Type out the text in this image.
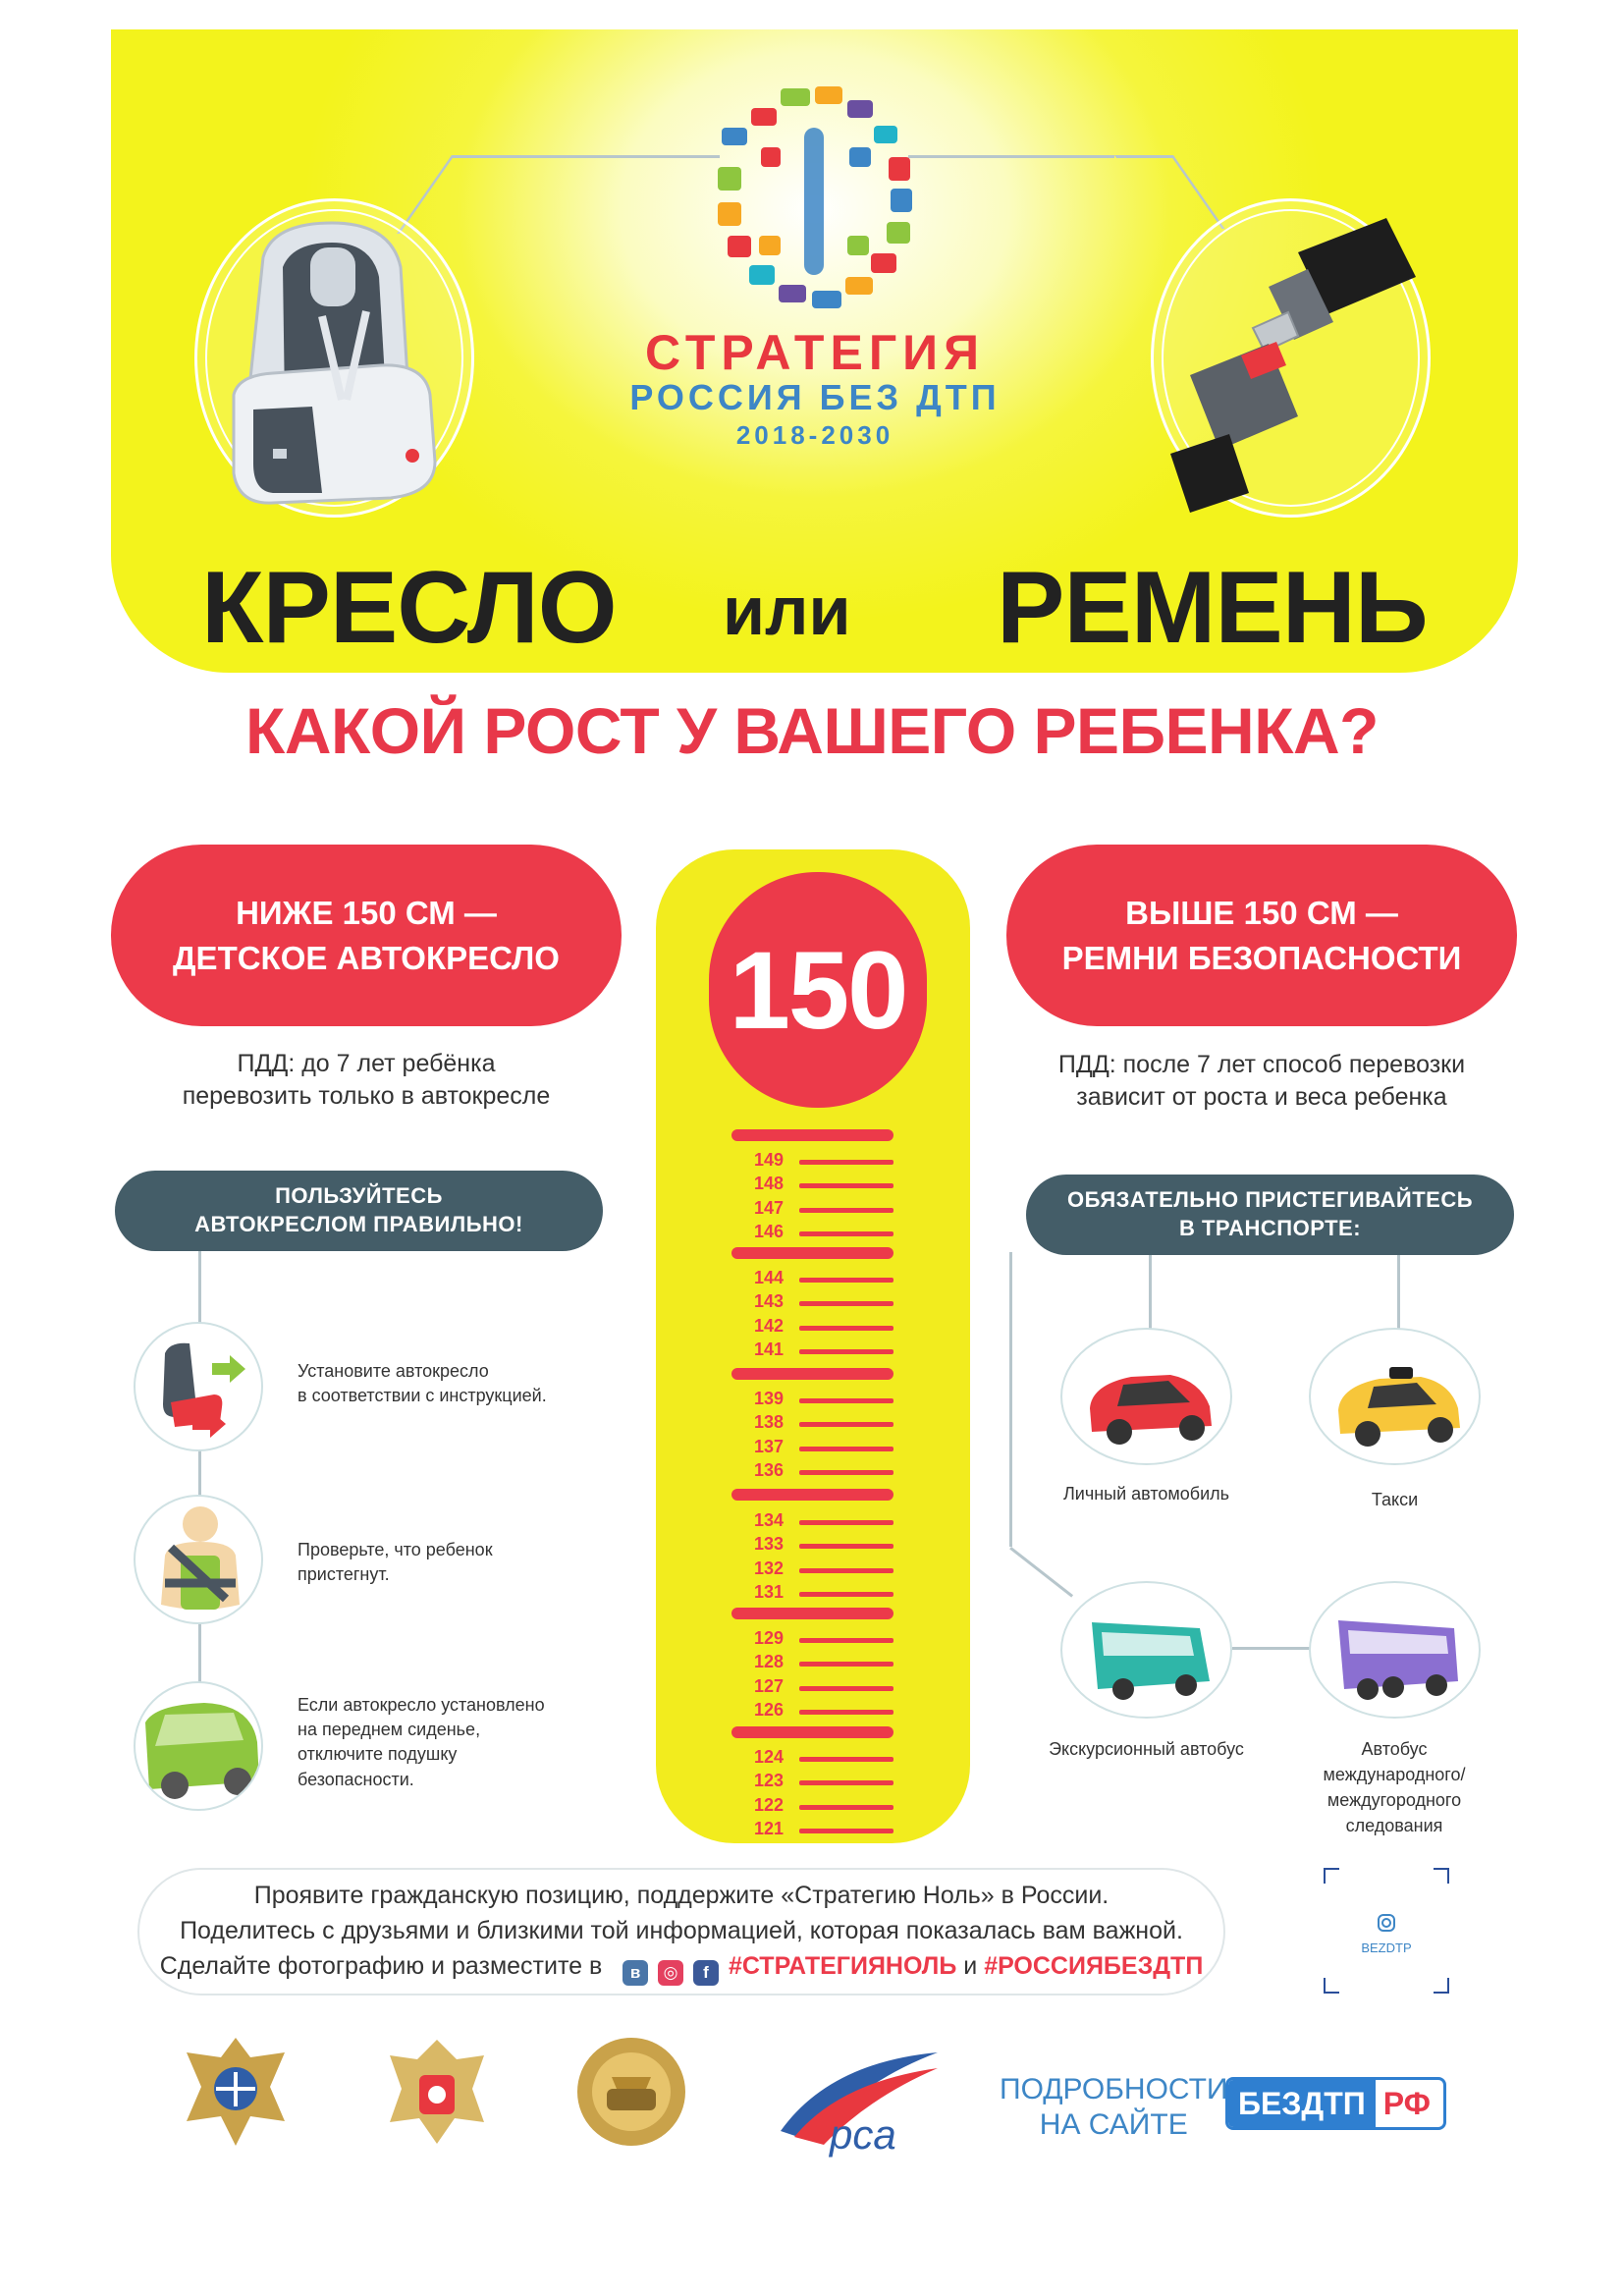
СТРАТЕГИЯ
РОССИЯ БЕЗ ДТП
2018-2030
КРЕСЛО или РЕМЕНЬ
КАКОЙ РОСТ У ВАШЕГО РЕБЕНКА?
НИЖЕ 150 СМ —
ДЕТСКОЕ АВТОКРЕСЛО
ПДД: до 7 лет ребёнка
перевозить только в автокресле
ПОЛЬЗУЙТЕСЬ
АВТОКРЕСЛОМ ПРАВИЛЬНО!
Установите автокресло
в соответствии с инструкцией.
Проверьте, что ребенок
пристегнут.
Если автокресло установлено
на переднем сиденье,
отключите подушку
безопасности.
150
149
148
147
146
144
143
142
141
139
138
137
136
134
133
132
131
129
128
127
126
124
123
122
121
ВЫШЕ 150 СМ —
РЕМНИ БЕЗОПАСНОСТИ
ПДД: после 7 лет способ перевозки
зависит от роста и веса ребенка
ОБЯЗАТЕЛЬНО ПРИСТЕГИВАЙТЕСЬ
В ТРАНСПОРТЕ:
Личный автомобиль	Такси
Экскурсионный автобус	Автобус
международного/
междугородного
следования
Проявите гражданскую позицию, поддержите «Стратегию Ноль» в России.
Поделитесь с друзьями и близкими той информацией, которая показалась вам важной.
Сделайте фотографию и разместите в в ◎ f #СТРАТЕГИЯНОЛЬ и #РОССИЯБЕЗДТП
BEZDTP
рса
ПОДРОБНОСТИ
НА САЙТЕ
БЕЗДТП РФ
